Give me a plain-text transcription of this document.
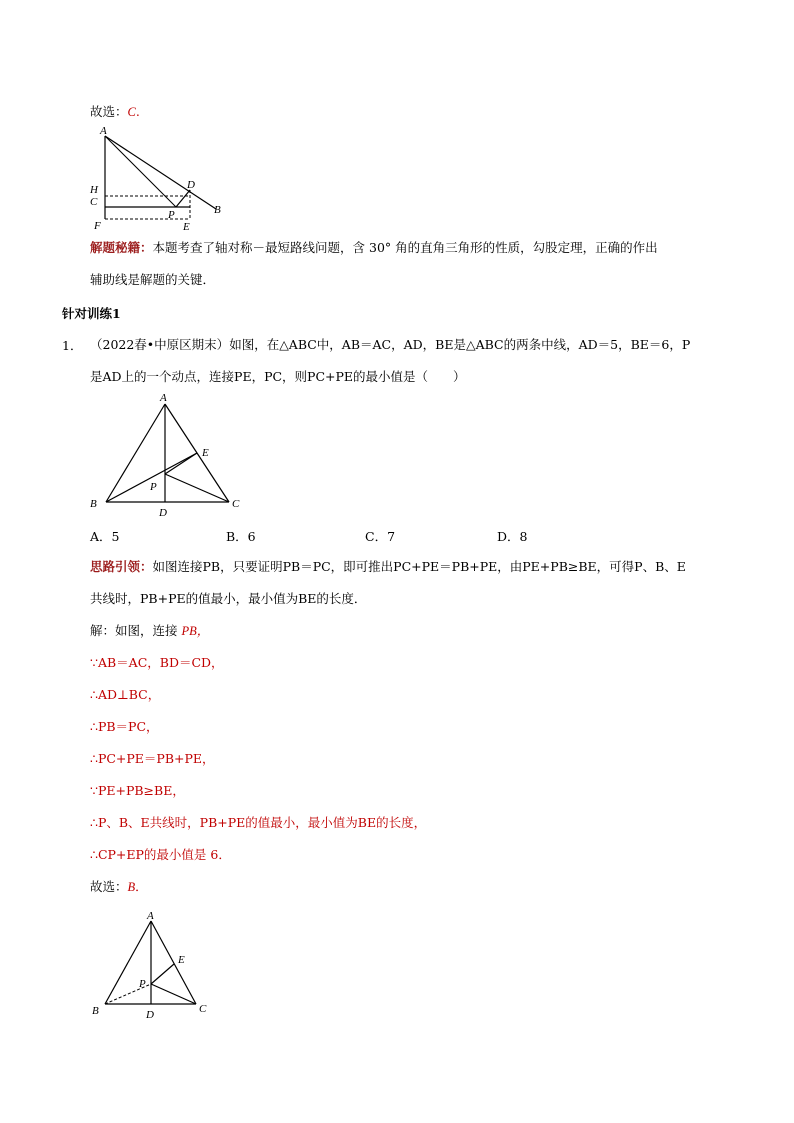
故选：C.
A
D
H
C
F
P
E
B
解题秘籍：本题考查了轴对称－最短路线问题，含 30° 角的直角三角形的性质，勾股定理，正确的作出
辅助线是解题的关键．
针对训练1
1． （2022春•中原区期末）如图，在△ABC中，AB＝AC，AD，BE是△ABC的两条中线，AD＝5，BE＝6，P
是AD上的一个动点，连接PE，PC，则PC+PE的最小值是（　　）
A
E
P
B
D
C
A．5	B．6	C．7	D．8
思路引领：如图连接PB，只要证明PB＝PC，即可推出PC+PE＝PB+PE，由PE+PB≥BE，可得P、B、E
共线时，PB+PE的值最小，最小值为BE的长度．
解：如图，连接 PB，
∵AB＝AC，BD＝CD，
∴AD⊥BC，
∴PB＝PC，
∴PC+PE＝PB+PE，
∵PE+PB≥BE，
∴P、B、E共线时，PB+PE的值最小，最小值为BE的长度，
∴CP+EP的最小值是 6．
故选：B．
A
E
P
B	D	C
